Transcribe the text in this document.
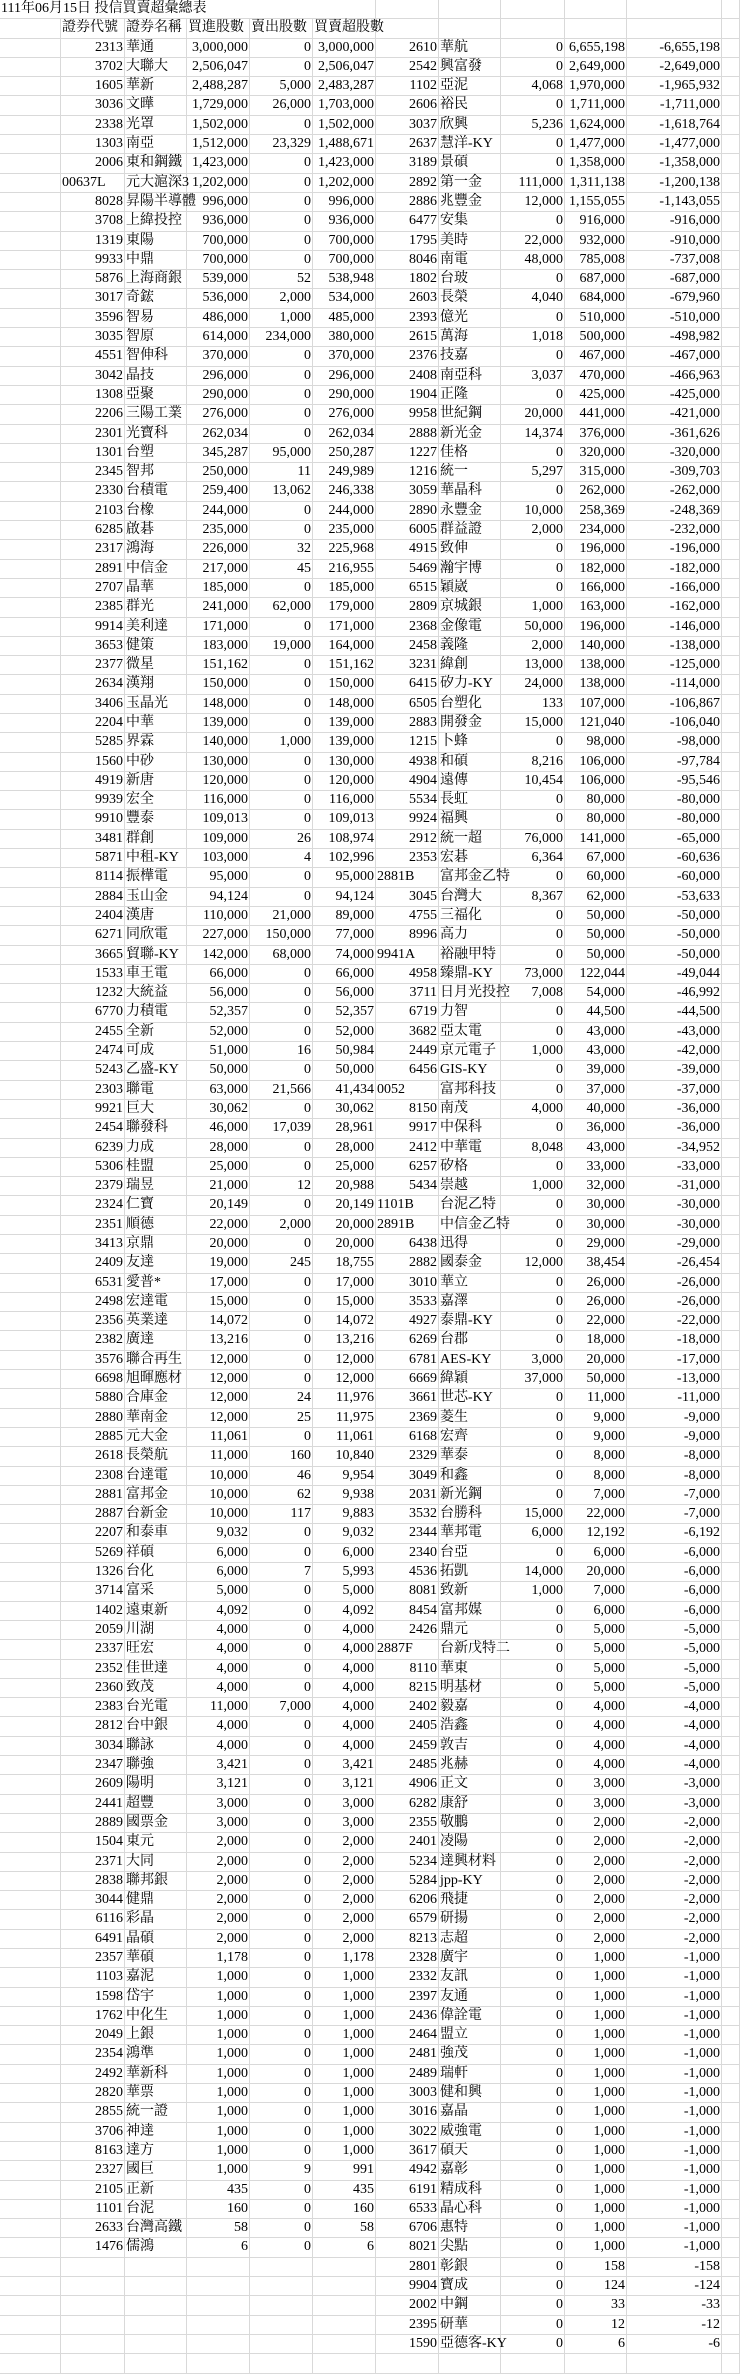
111年06月15日 投信買賣超彙總表
證券代號 證券名稱 買進股數 賣出股數 買賣超股數
2313 華通	3,000,000	0 3,000,000	2610 華航	0 6,655,198	-6,655,198
3702 大聯大	2,506,047	0 2,506,047	2542 興富發	0 2,649,000	-2,649,000
1605 華新	2,488,287	5,000 2,483,287	1102 亞泥	4,068 1,970,000	-1,965,932
3036 文曄	1,729,000	26,000 1,703,000	2606 裕民	0 1,711,000	-1,711,000
2338 光罩	1,502,000	0 1,502,000	3037 欣興	5,236 1,624,000	-1,618,764
1303 南亞	1,512,000	23,329 1,488,671	2637 慧洋-KY	0 1,477,000	-1,477,000
2006 東和鋼鐵 1,423,000	0 1,423,000	3189 景碩	0 1,358,000	-1,358,000
00637L	元大滬深3 1,202,000	0 1,202,000	2892 第一金	111,000 1,311,138	-1,200,138
8028 昇陽半導體 996,000	0	996,000	2886 兆豐金	12,000 1,155,055	-1,143,055
3708 上緯投控	936,000	0	936,000	6477 安集	0	916,000	-916,000
1319 東陽	700,000	0	700,000	1795 美時	22,000	932,000	-910,000
9933 中鼎	700,000	0	700,000	8046 南電	48,000	785,008	-737,008
5876 上海商銀	539,000	52	538,948	1802 台玻	0	687,000	-687,000
3017 奇鋐	536,000	2,000	534,000	2603 長榮	4,040	684,000	-679,960
3596 智易	486,000	1,000	485,000	2393 億光	0	510,000	-510,000
3035 智原	614,000	234,000	380,000	2615 萬海	1,018	500,000	-498,982
4551 智伸科	370,000	0	370,000	2376 技嘉	0	467,000	-467,000
3042 晶技	296,000	0	296,000	2408 南亞科	3,037	470,000	-466,963
1308 亞聚	290,000	0	290,000	1904 正隆	0	425,000	-425,000
2206 三陽工業	276,000	0	276,000	9958 世紀鋼	20,000	441,000	-421,000
2301 光寶科	262,034	0	262,034	2888 新光金	14,374	376,000	-361,626
1301 台塑	345,287	95,000	250,287	1227 佳格	0	320,000	-320,000
2345 智邦	250,000	11	249,989	1216 統一	5,297	315,000	-309,703
2330 台積電	259,400	13,062	246,338	3059 華晶科	0	262,000	-262,000
2103 台橡	244,000	0	244,000	2890 永豐金	10,000	258,369	-248,369
6285 啟碁	235,000	0	235,000	6005 群益證	2,000	234,000	-232,000
2317 鴻海	226,000	32	225,968	4915 致伸	0	196,000	-196,000
2891 中信金	217,000	45	216,955	5469 瀚宇博	0	182,000	-182,000
2707 晶華	185,000	0	185,000	6515 穎崴	0	166,000	-166,000
2385 群光	241,000	62,000	179,000	2809 京城銀	1,000	163,000	-162,000
9914 美利達	171,000	0	171,000	2368 金像電	50,000	196,000	-146,000
3653 健策	183,000	19,000	164,000	2458 義隆	2,000	140,000	-138,000
2377 微星	151,162	0	151,162	3231 緯創	13,000	138,000	-125,000
2634 漢翔	150,000	0	150,000	6415 矽力-KY	24,000	138,000	-114,000
3406 玉晶光	148,000	0	148,000	6505 台塑化	133	107,000	-106,867
2204 中華	139,000	0	139,000	2883 開發金	15,000	121,040	-106,040
5285 界霖	140,000	1,000	139,000	1215 卜蜂	0	98,000	-98,000
1560 中砂	130,000	0	130,000	4938 和碩	8,216	106,000	-97,784
4919 新唐	120,000	0	120,000	4904 遠傳	10,454	106,000	-95,546
9939 宏全	116,000	0	116,000	5534 長虹	0	80,000	-80,000
9910 豐泰	109,013	0	109,013	9924 福興	0	80,000	-80,000
3481 群創	109,000	26	108,974	2912 統一超	76,000	141,000	-65,000
5871 中租-KY	103,000	4	102,996	2353 宏碁	6,364	67,000	-60,636
8114 振樺電	95,000	0	95,000 2881B	富邦金乙特	0	60,000	-60,000
2884 玉山金	94,124	0	94,124	3045 台灣大	8,367	62,000	-53,633
2404 漢唐	110,000	21,000	89,000	4755 三福化	0	50,000	-50,000
6271 同欣電	227,000	150,000	77,000	8996 高力	0	50,000	-50,000
3665 貿聯-KY	142,000	68,000	74,000 9941A	裕融甲特	0	50,000	-50,000
1533 車王電	66,000	0	66,000	4958 臻鼎-KY	73,000	122,044	-49,044
1232 大統益	56,000	0	56,000	3711 日月光投控	7,008	54,000	-46,992
6770 力積電	52,357	0	52,357	6719 力智	0	44,500	-44,500
2455 全新	52,000	0	52,000	3682 亞太電	0	43,000	-43,000
2474 可成	51,000	16	50,984	2449 京元電子	1,000	43,000	-42,000
5243 乙盛-KY	50,000	0	50,000	6456 GIS-KY	0	39,000	-39,000
2303 聯電	63,000	21,566	41,434 0052	富邦科技	0	37,000	-37,000
9921 巨大	30,062	0	30,062	8150 南茂	4,000	40,000	-36,000
2454 聯發科	46,000	17,039	28,961	9917 中保科	0	36,000	-36,000
6239 力成	28,000	0	28,000	2412 中華電	8,048	43,000	-34,952
5306 桂盟	25,000	0	25,000	6257 矽格	0	33,000	-33,000
2379 瑞昱	21,000	12	20,988	5434 崇越	1,000	32,000	-31,000
2324 仁寶	20,149	0	20,149 1101B	台泥乙特	0	30,000	-30,000
2351 順德	22,000	2,000	20,000 2891B	中信金乙特	0	30,000	-30,000
3413 京鼎	20,000	0	20,000	6438 迅得	0	29,000	-29,000
2409 友達	19,000	245	18,755	2882 國泰金	12,000	38,454	-26,454
6531 愛普*	17,000	0	17,000	3010 華立	0	26,000	-26,000
2498 宏達電	15,000	0	15,000	3533 嘉澤	0	26,000	-26,000
2356 英業達	14,072	0	14,072	4927 泰鼎-KY	0	22,000	-22,000
2382 廣達	13,216	0	13,216	6269 台郡	0	18,000	-18,000
3576 聯合再生	12,000	0	12,000	6781 AES-KY	3,000	20,000	-17,000
6698 旭暉應材	12,000	0	12,000	6669 緯穎	37,000	50,000	-13,000
5880 合庫金	12,000	24	11,976	3661 世芯-KY	0	11,000	-11,000
2880 華南金	12,000	25	11,975	2369 菱生	0	9,000	-9,000
2885 元大金	11,061	0	11,061	6168 宏齊	0	9,000	-9,000
2618 長榮航	11,000	160	10,840	2329 華泰	0	8,000	-8,000
2308 台達電	10,000	46	9,954	3049 和鑫	0	8,000	-8,000
2881 富邦金	10,000	62	9,938	2031 新光鋼	0	7,000	-7,000
2887 台新金	10,000	117	9,883	3532 台勝科	15,000	22,000	-7,000
2207 和泰車	9,032	0	9,032	2344 華邦電	6,000	12,192	-6,192
5269 祥碩	6,000	0	6,000	2340 台亞	0	6,000	-6,000
1326 台化	6,000	7	5,993	4536 拓凱	14,000	20,000	-6,000
3714 富采	5,000	0	5,000	8081 致新	1,000	7,000	-6,000
1402 遠東新	4,092	0	4,092	8454 富邦媒	0	6,000	-6,000
2059 川湖	4,000	0	4,000	2426 鼎元	0	5,000	-5,000
2337 旺宏	4,000	0	4,000 2887F	台新戊特二	0	5,000	-5,000
2352 佳世達	4,000	0	4,000	8110 華東	0	5,000	-5,000
2360 致茂	4,000	0	4,000	8215 明基材	0	5,000	-5,000
2383 台光電	11,000	7,000	4,000	2402 毅嘉	0	4,000	-4,000
2812 台中銀	4,000	0	4,000	2405 浩鑫	0	4,000	-4,000
3034 聯詠	4,000	0	4,000	2459 敦吉	0	4,000	-4,000
2347 聯強	3,421	0	3,421	2485 兆赫	0	4,000	-4,000
2609 陽明	3,121	0	3,121	4906 正文	0	3,000	-3,000
2441 超豐	3,000	0	3,000	6282 康舒	0	3,000	-3,000
2889 國票金	3,000	0	3,000	2355 敬鵬	0	2,000	-2,000
1504 東元	2,000	0	2,000	2401 凌陽	0	2,000	-2,000
2371 大同	2,000	0	2,000	5234 達興材料	0	2,000	-2,000
2838 聯邦銀	2,000	0	2,000	5284 jpp-KY	0	2,000	-2,000
3044 健鼎	2,000	0	2,000	6206 飛捷	0	2,000	-2,000
6116 彩晶	2,000	0	2,000	6579 研揚	0	2,000	-2,000
6491 晶碩	2,000	0	2,000	8213 志超	0	2,000	-2,000
2357 華碩	1,178	0	1,178	2328 廣宇	0	1,000	-1,000
1103 嘉泥	1,000	0	1,000	2332 友訊	0	1,000	-1,000
1598 岱宇	1,000	0	1,000	2397 友通	0	1,000	-1,000
1762 中化生	1,000	0	1,000	2436 偉詮電	0	1,000	-1,000
2049 上銀	1,000	0	1,000	2464 盟立	0	1,000	-1,000
2354 鴻準	1,000	0	1,000	2481 強茂	0	1,000	-1,000
2492 華新科	1,000	0	1,000	2489 瑞軒	0	1,000	-1,000
2820 華票	1,000	0	1,000	3003 健和興	0	1,000	-1,000
2855 統一證	1,000	0	1,000	3016 嘉晶	0	1,000	-1,000
3706 神達	1,000	0	1,000	3022 威強電	0	1,000	-1,000
8163 達方	1,000	0	1,000	3617 碩天	0	1,000	-1,000
2327 國巨	1,000	9	991	4942 嘉彰	0	1,000	-1,000
2105 正新	435	0	435	6191 精成科	0	1,000	-1,000
1101 台泥	160	0	160	6533 晶心科	0	1,000	-1,000
2633 台灣高鐵	58	0	58	6706 惠特	0	1,000	-1,000
1476 儒鴻	6	0	6	8021 尖點	0	1,000	-1,000
2801 彰銀	0	158	-158
9904 寶成	0	124	-124
2002 中鋼	0	33	-33
2395 研華	0	12	-12
1590 亞德客-KY	0	6	-6
